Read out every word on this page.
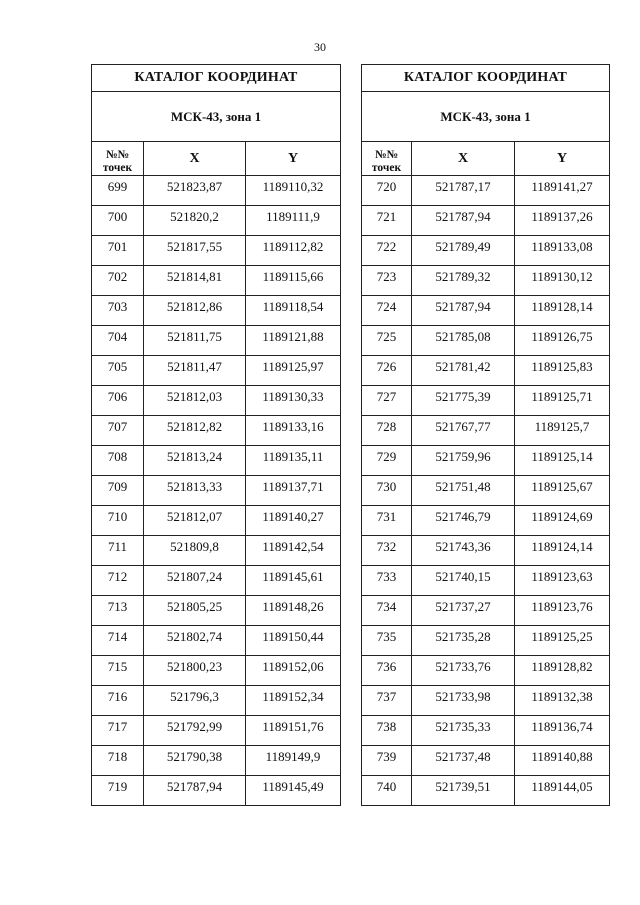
30
КАТАЛОГ КООРДИНАТ		
МСК-43, зона 1		

№№
точек	X	Y
699	521823,87	1189110,32
700	521820,2	1189111,9
701	521817,55	1189112,82
702	521814,81	1189115,66
703	521812,86	1189118,54
704	521811,75	1189121,88
705	521811,47	1189125,97
706	521812,03	1189130,33
707	521812,82	1189133,16
708	521813,24	1189135,11
709	521813,33	1189137,71
710	521812,07	1189140,27
711	521809,8	1189142,54
712	521807,24	1189145,61
713	521805,25	1189148,26
714	521802,74	1189150,44
715	521800,23	1189152,06
716	521796,3	1189152,34
717	521792,99	1189151,76
718	521790,38	1189149,9
719	521787,94	1189145,49
КАТАЛОГ КООРДИНАТ		
МСК-43, зона 1		

№№
точек	X	Y
720	521787,17	1189141,27
721	521787,94	1189137,26
722	521789,49	1189133,08
723	521789,32	1189130,12
724	521787,94	1189128,14
725	521785,08	1189126,75
726	521781,42	1189125,83
727	521775,39	1189125,71
728	521767,77	1189125,7
729	521759,96	1189125,14
730	521751,48	1189125,67
731	521746,79	1189124,69
732	521743,36	1189124,14
733	521740,15	1189123,63
734	521737,27	1189123,76
735	521735,28	1189125,25
736	521733,76	1189128,82
737	521733,98	1189132,38
738	521735,33	1189136,74
739	521737,48	1189140,88
740	521739,51	1189144,05
